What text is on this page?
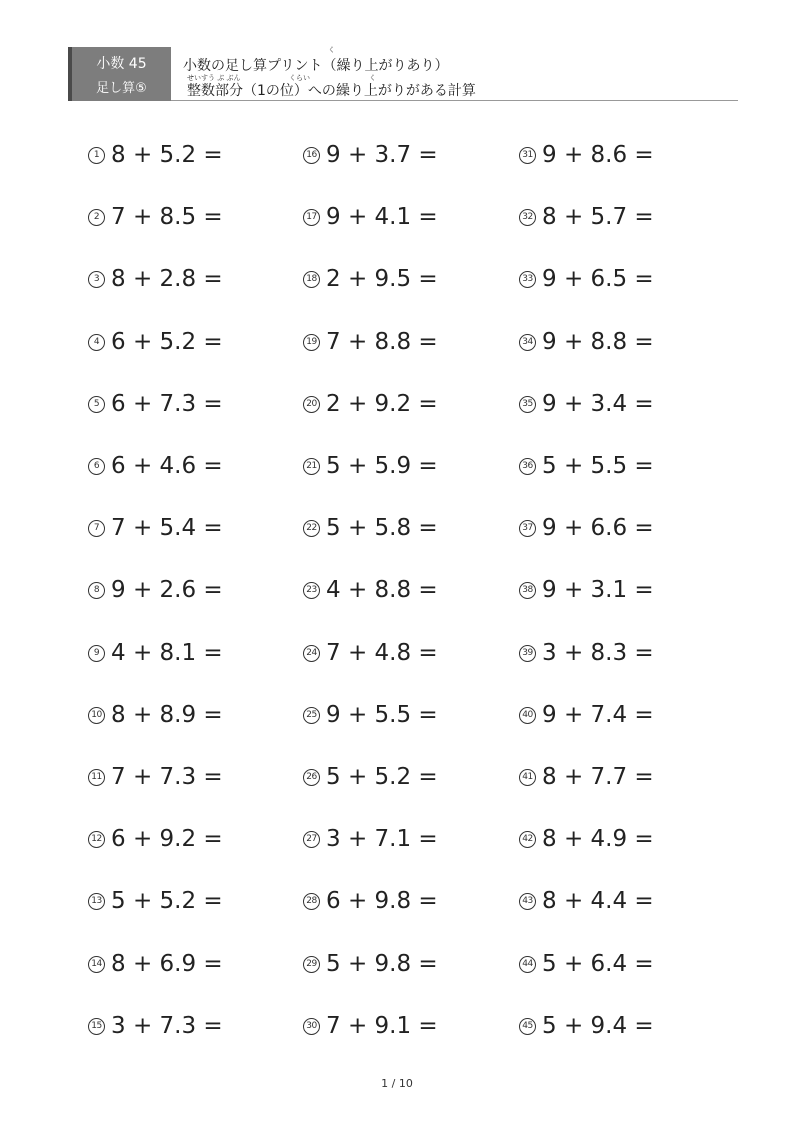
小数 45
足し算⑤
く
小数の足し算プリント（繰り上がりあり）
せいすう ぶ ぶん	くらい	く
整数部分（1の位）への繰り上がりがある計算
1 8 + 5.2 =
2 7 + 8.5 =
3 8 + 2.8 =
4 6 + 5.2 =
5 6 + 7.3 =
6 6 + 4.6 =
7 7 + 5.4 =
8 9 + 2.6 =
9 4 + 8.1 =
10 8 + 8.9 =
11 7 + 7.3 =
12 6 + 9.2 =
13 5 + 5.2 =
14 8 + 6.9 =
15 3 + 7.3 =
16 9 + 3.7 =
17 9 + 4.1 =
18 2 + 9.5 =
19 7 + 8.8 =
20 2 + 9.2 =
21 5 + 5.9 =
22 5 + 5.8 =
23 4 + 8.8 =
24 7 + 4.8 =
25 9 + 5.5 =
26 5 + 5.2 =
27 3 + 7.1 =
28 6 + 9.8 =
29 5 + 9.8 =
30 7 + 9.1 =
31 9 + 8.6 =
32 8 + 5.7 =
33 9 + 6.5 =
34 9 + 8.8 =
35 9 + 3.4 =
36 5 + 5.5 =
37 9 + 6.6 =
38 9 + 3.1 =
39 3 + 8.3 =
40 9 + 7.4 =
41 8 + 7.7 =
42 8 + 4.9 =
43 8 + 4.4 =
44 5 + 6.4 =
45 5 + 9.4 =
1 / 10
